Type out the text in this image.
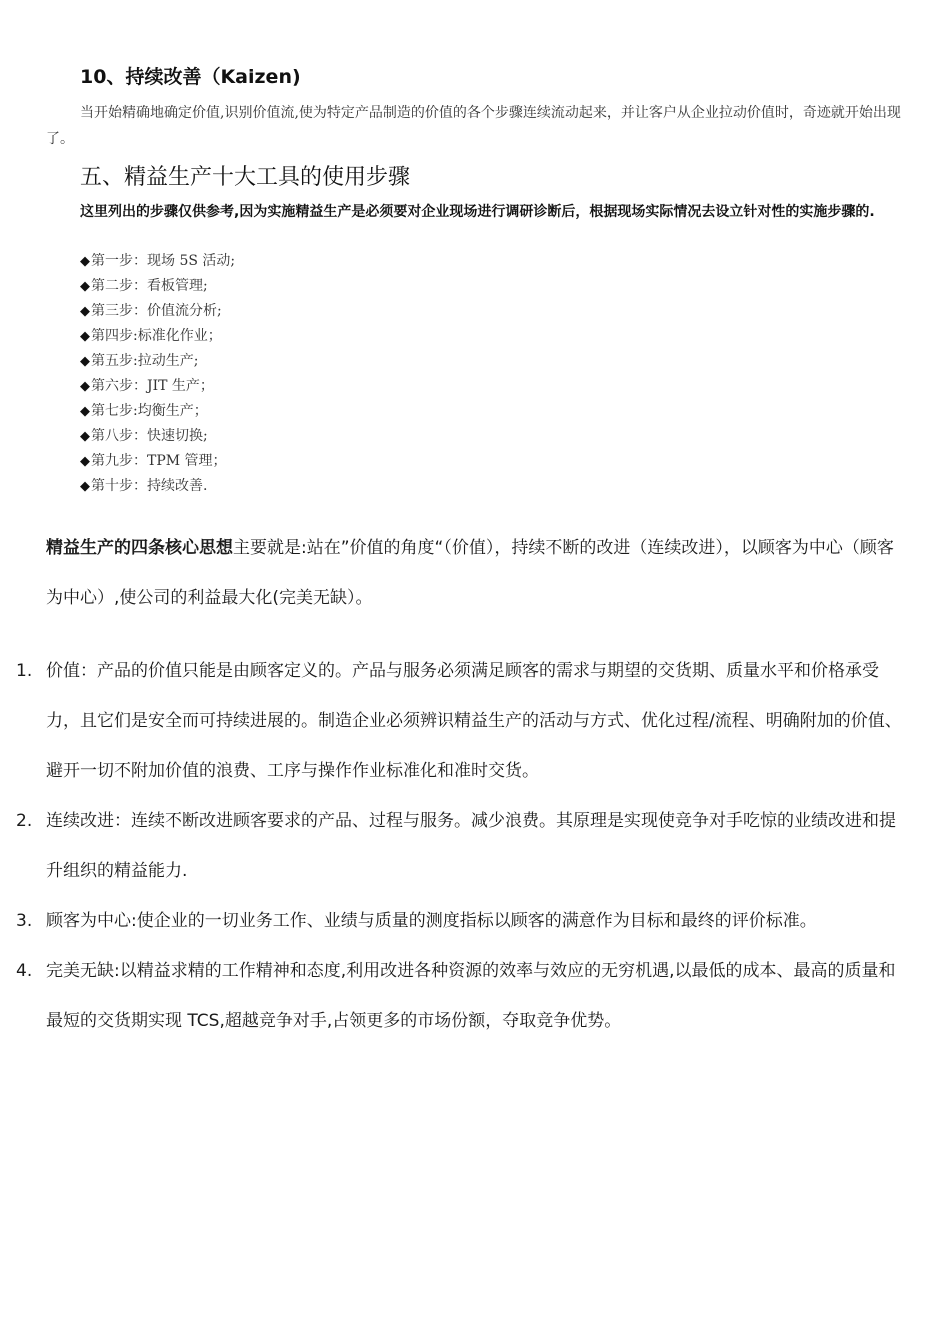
10、持续改善（Kaizen)

当开始精确地确定价值,识别价值流,使为特定产品制造的价值的各个步骤连续流动起来，并让客户从企业拉动价值时，奇迹就开始出现了。

五、精益生产十大工具的使用步骤

这里列出的步骤仅供参考,因为实施精益生产是必须要对企业现场进行调研诊断后，根据现场实际情况去设立针对性的实施步骤的.

◆第一步：现场 5S 活动;
◆第二步：看板管理;
◆第三步：价值流分析;
◆第四步:标准化作业；
◆第五步:拉动生产;
◆第六步：JIT 生产；
◆第七步:均衡生产；
◆第八步：快速切换;
◆第九步：TPM 管理；
◆第十步：持续改善.

精益生产的四条核心思想主要就是:站在”价值的角度“（价值），持续不断的改进（连续改进），以顾客为中心（顾客为中心）,使公司的利益最大化(完美无缺）。

1. 价值：产品的价值只能是由顾客定义的。产品与服务必须满足顾客的需求与期望的交货期、质量水平和价格承受力，且它们是安全而可持续进展的。制造企业必须辨识精益生产的活动与方式、优化过程/流程、明确附加的价值、避开一切不附加价值的浪费、工序与操作作业标准化和准时交货。
2. 连续改进：连续不断改进顾客要求的产品、过程与服务。减少浪费。其原理是实现使竞争对手吃惊的业绩改进和提升组织的精益能力.
3. 顾客为中心:使企业的一切业务工作、业绩与质量的测度指标以顾客的满意作为目标和最终的评价标准。
4. 完美无缺:以精益求精的工作精神和态度,利用改进各种资源的效率与效应的无穷机遇,以最低的成本、最高的质量和最短的交货期实现 TCS,超越竞争对手,占领更多的市场份额，夺取竞争优势。
